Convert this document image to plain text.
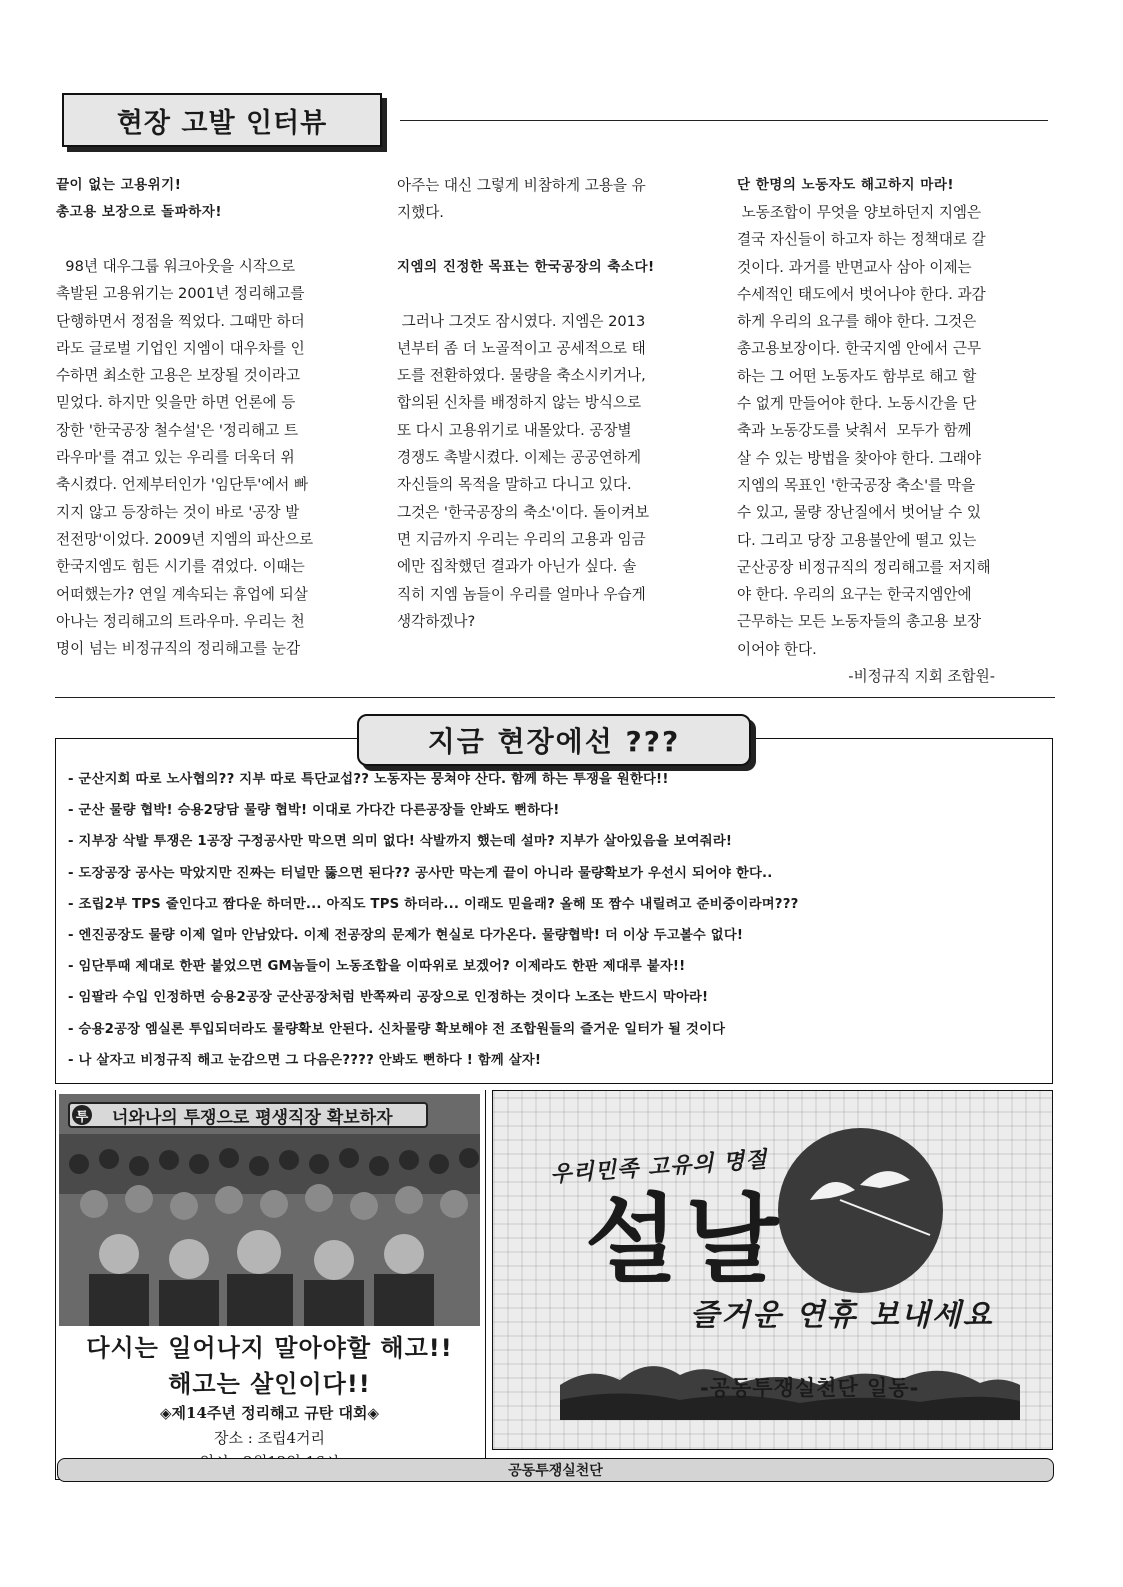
현장 고발 인터뷰
끝이 없는 고용위기!
총고용 보장으로 돌파하자!

98년 대우그룹 워크아웃을 시작으로

촉발된 고용위기는 2001년 정리해고를

단행하면서 정점을 찍었다. 그때만 하더

라도 글로벌 기업인 지엠이 대우차를 인

수하면 최소한 고용은 보장될 것이라고

믿었다. 하지만 잊을만 하면 언론에 등

장한 '한국공장 철수설'은 '정리해고 트

라우마'를 겪고 있는 우리를 더욱더 위

축시켰다. 언제부터인가 '임단투'에서 빠

지지 않고 등장하는 것이 바로 '공장 발

전전망'이었다. 2009년 지엠의 파산으로

한국지엠도 힘든 시기를 겪었다. 이때는

어떠했는가? 연일 계속되는 휴업에 되살

아나는 정리해고의 트라우마. 우리는 천

명이 넘는 비정규직의 정리해고를 눈감

아주는 대신 그렇게 비참하게 고용을 유

지했다.

지엠의 진정한 목표는 한국공장의 축소다!

그러나 그것도 잠시였다. 지엠은 2013

년부터 좀 더 노골적이고 공세적으로 태

도를 전환하였다. 물량을 축소시키거나,

합의된 신차를 배정하지 않는 방식으로

또 다시 고용위기로 내몰았다. 공장별

경쟁도 촉발시켰다. 이제는 공공연하게

자신들의 목적을 말하고 다니고 있다.

그것은 '한국공장의 축소'이다. 돌이켜보

면 지금까지 우리는 우리의 고용과 임금

에만 집착했던 결과가 아닌가 싶다. 솔

직히 지엠 놈들이 우리를 얼마나 우습게

생각하겠나?

단 한명의 노동자도 해고하지 마라!

노동조합이 무엇을 양보하던지 지엠은

결국 자신들이 하고자 하는 정책대로 갈

것이다. 과거를 반면교사 삼아 이제는

수세적인 태도에서 벗어나야 한다. 과감

하게 우리의 요구를 해야 한다. 그것은

총고용보장이다. 한국지엠 안에서 근무

하는 그 어떤 노동자도 함부로 해고 할

수 없게 만들어야 한다. 노동시간을 단

축과 노동강도를 낮춰서  모두가 함께

살 수 있는 방법을 찾아야 한다. 그래야

지엠의 목표인 '한국공장 축소'를 막을

수 있고, 물량 장난질에서 벗어날 수 있

다. 그리고 당장 고용불안에 떨고 있는

군산공장 비정규직의 정리해고를 저지해

야 한다. 우리의 요구는 한국지엠안에

근무하는 모든 노동자들의 총고용 보장

이어야 한다.

-비정규직 지회 조합원-
지금 현장에선 ???
- 군산지회 따로 노사협의?? 지부 따로 특단교섭?? 노동자는 뭉쳐야 산다. 함께 하는 투쟁을 원한다!!
- 군산 물량 협박! 승용2당담 물량 협박! 이대로 가다간 다른공장들 안봐도 뻔하다!
- 지부장 삭발 투쟁은 1공장 구정공사만 막으면 의미 없다! 삭발까지 했는데 설마? 지부가 살아있음을 보여줘라!
- 도장공장 공사는 막았지만 진짜는 터널만 뚫으면 된다?? 공사만 막는게 끝이 아니라 물량확보가 우선시 되어야 한다..
- 조립2부 TPS 줄인다고 짬다운 하더만... 아직도 TPS 하더라... 이래도 믿을래? 올해 또 짬수 내릴려고 준비중이라며???
- 엔진공장도 물량 이제 얼마 안남았다. 이제 전공장의 문제가 현실로 다가온다. 물량협박! 더 이상 두고볼수 없다!
- 임단투때 제대로 한판 붙었으면 GM놈들이 노동조합을 이따위로 보겠어? 이제라도 한판 제대루 붙자!!
- 임팔라 수입 인정하면 승용2공장 군산공장처럼 반쪽짜리 공장으로 인정하는 것이다 노조는 반드시 막아라!
- 승용2공장 엠실론 투입되더라도 물량확보 안된다. 신차물량 확보해야 전 조합원들의 즐거운 일터가 될 것이다
- 나 살자고 비정규직 해고 눈감으면 그 다음은???? 안봐도 뻔하다 ! 함께 살자!
너와나의 투쟁으로 평생직장 확보하자
투
다시는 일어나지 말아야할 해고!!
해고는 살인이다!!
◈제14주년 정리해고 규탄 대회◈
장소 : 조립4거리
우리민족 고유의 명절
설날
즐거운 연휴 보내세요
-공동투쟁실천단 일동-
공동투쟁실천단
